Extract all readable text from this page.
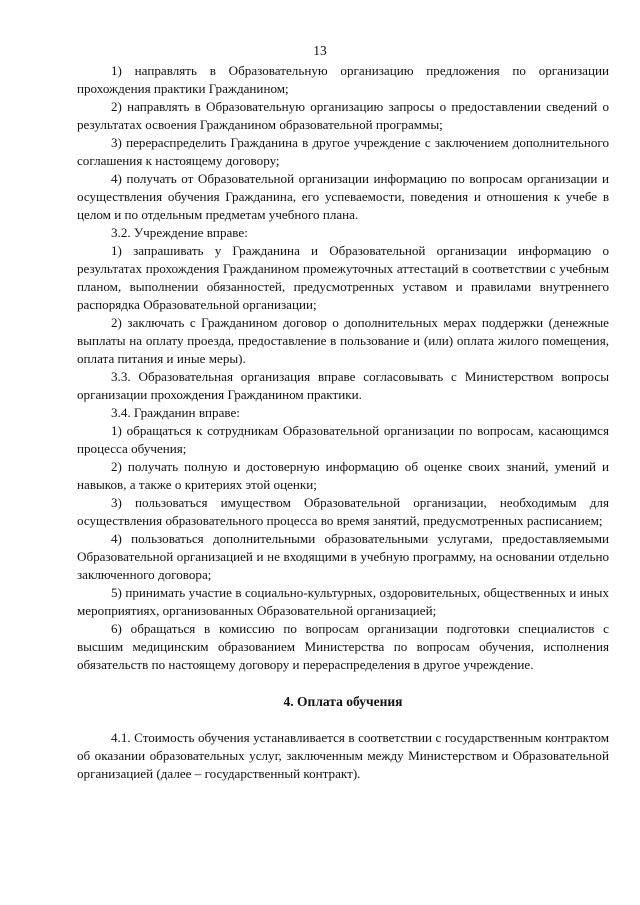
13

1) направлять в Образовательную организацию предложения по организации прохождения практики Гражданином;

2) направлять в Образовательную организацию запросы о предоставлении сведений о результатах освоения Гражданином образовательной программы;

3) перераспределить Гражданина в другое учреждение с заключением дополнительного соглашения к настоящему договору;

4) получать от Образовательной организации информацию по вопросам организации и осуществления обучения Гражданина, его успеваемости, поведения и отношения к учебе в целом и по отдельным предметам учебного плана.

3.2. Учреждение вправе:

1) запрашивать у Гражданина и Образовательной организации информацию о результатах прохождения Гражданином промежуточных аттестаций в соответствии с учебным планом, выполнении обязанностей, предусмотренных уставом и правилами внутреннего распорядка Образовательной организации;

2) заключать с Гражданином договор о дополнительных мерах поддержки (денежные выплаты на оплату проезда, предоставление в пользование и (или) оплата жилого помещения, оплата питания и иные меры).

3.3. Образовательная организация вправе согласовывать с Министерством вопросы организации прохождения Гражданином практики.

3.4. Гражданин вправе:

1) обращаться к сотрудникам Образовательной организации по вопросам, касающимся процесса обучения;

2) получать полную и достоверную информацию об оценке своих знаний, умений и навыков, а также о критериях этой оценки;

3) пользоваться имуществом Образовательной организации, необходимым для осуществления образовательного процесса во время занятий, предусмотренных расписанием;

4) пользоваться дополнительными образовательными услугами, предоставляемыми Образовательной организацией и не входящими в учебную программу, на основании отдельно заключенного договора;

5) принимать участие в социально-культурных, оздоровительных, общественных и иных мероприятиях, организованных Образовательной организацией;

6) обращаться в комиссию по вопросам организации подготовки специалистов с высшим медицинским образованием Министерства по вопросам обучения, исполнения обязательств по настоящему договору и перераспределения в другое учреждение.

4. Оплата обучения

4.1. Стоимость обучения устанавливается в соответствии с государственным контрактом об оказании образовательных услуг, заключенным между Министерством и Образовательной организацией (далее – государственный контракт).
